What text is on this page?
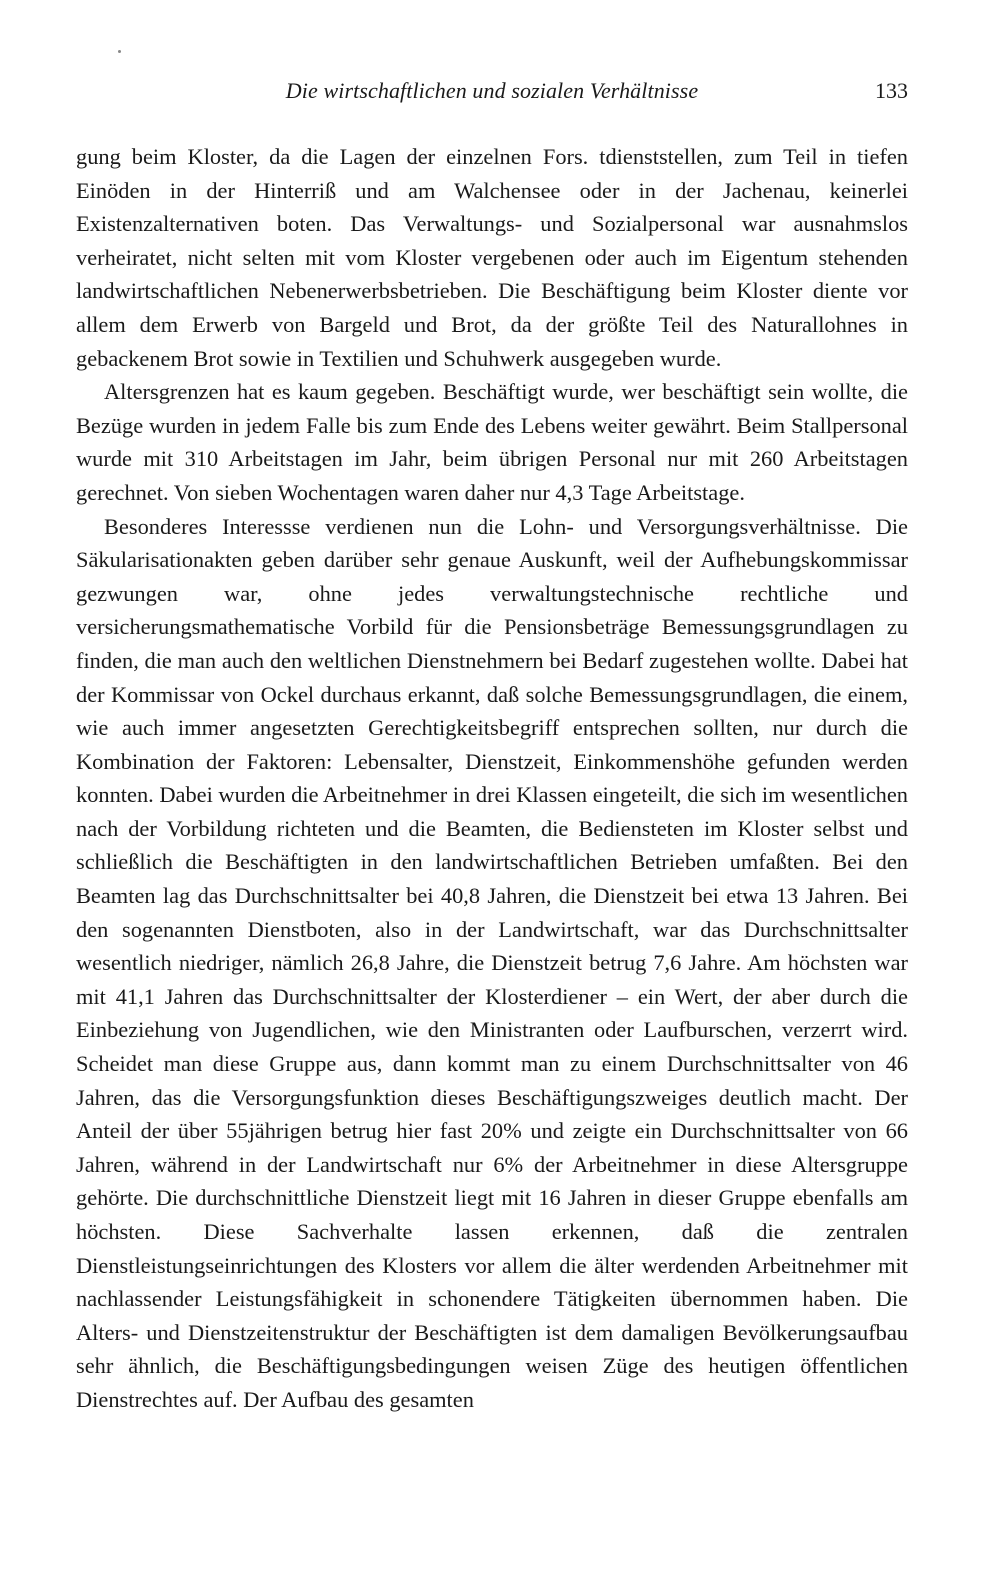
Die wirtschaftlichen und sozialen Verhältnisse	133

gung beim Kloster, da die Lagen der einzelnen Fors. tdienststellen, zum Teil in tiefen Einöden in der Hinterriß und am Walchensee oder in der Jachenau, keinerlei Existenzalternativen boten. Das Verwaltungs- und Sozialpersonal war ausnahmslos verheiratet, nicht selten mit vom Kloster vergebenen oder auch im Eigentum stehenden landwirtschaftlichen Nebenerwerbsbetrieben. Die Beschäftigung beim Kloster diente vor allem dem Erwerb von Bargeld und Brot, da der größte Teil des Naturallohnes in gebackenem Brot sowie in Textilien und Schuhwerk ausgegeben wurde.

Altersgrenzen hat es kaum gegeben. Beschäftigt wurde, wer beschäftigt sein wollte, die Bezüge wurden in jedem Falle bis zum Ende des Lebens weiter gewährt. Beim Stallpersonal wurde mit 310 Arbeitstagen im Jahr, beim übrigen Personal nur mit 260 Arbeitstagen gerechnet. Von sieben Wochentagen waren daher nur 4,3 Tage Arbeitstage.

Besonderes Interessse verdienen nun die Lohn- und Versorgungsverhältnisse. Die Säkularisationakten geben darüber sehr genaue Auskunft, weil der Aufhebungskommissar gezwungen war, ohne jedes verwaltungstechnische rechtliche und versicherungsmathematische Vorbild für die Pensionsbeträge Bemessungsgrundlagen zu finden, die man auch den weltlichen Dienstnehmern bei Bedarf zugestehen wollte. Dabei hat der Kommissar von Ockel durchaus erkannt, daß solche Bemessungsgrundlagen, die einem, wie auch immer angesetzten Gerechtigkeitsbegriff entsprechen sollten, nur durch die Kombination der Faktoren: Lebensalter, Dienstzeit, Einkommenshöhe gefunden werden konnten. Dabei wurden die Arbeitnehmer in drei Klassen eingeteilt, die sich im wesentlichen nach der Vorbildung richteten und die Beamten, die Bediensteten im Kloster selbst und schließlich die Beschäftigten in den landwirtschaftlichen Betrieben umfaßten. Bei den Beamten lag das Durchschnittsalter bei 40,8 Jahren, die Dienstzeit bei etwa 13 Jahren. Bei den sogenannten Dienstboten, also in der Landwirtschaft, war das Durchschnittsalter wesentlich niedriger, nämlich 26,8 Jahre, die Dienstzeit betrug 7,6 Jahre. Am höchsten war mit 41,1 Jahren das Durchschnittsalter der Klosterdiener – ein Wert, der aber durch die Einbeziehung von Jugendlichen, wie den Ministranten oder Laufburschen, verzerrt wird. Scheidet man diese Gruppe aus, dann kommt man zu einem Durchschnittsalter von 46 Jahren, das die Versorgungsfunktion dieses Beschäftigungszweiges deutlich macht. Der Anteil der über 55jährigen betrug hier fast 20% und zeigte ein Durchschnittsalter von 66 Jahren, während in der Landwirtschaft nur 6% der Arbeitnehmer in diese Altersgruppe gehörte. Die durchschnittliche Dienstzeit liegt mit 16 Jahren in dieser Gruppe ebenfalls am höchsten. Diese Sachverhalte lassen erkennen, daß die zentralen Dienstleistungseinrichtungen des Klosters vor allem die älter werdenden Arbeitnehmer mit nachlassender Leistungsfähigkeit in schonendere Tätigkeiten übernommen haben. Die Alters- und Dienstzeitenstruktur der Beschäftigten ist dem damaligen Bevölkerungsaufbau sehr ähnlich, die Beschäftigungsbedingungen weisen Züge des heutigen öffentlichen Dienstrechtes auf. Der Aufbau des gesamten
